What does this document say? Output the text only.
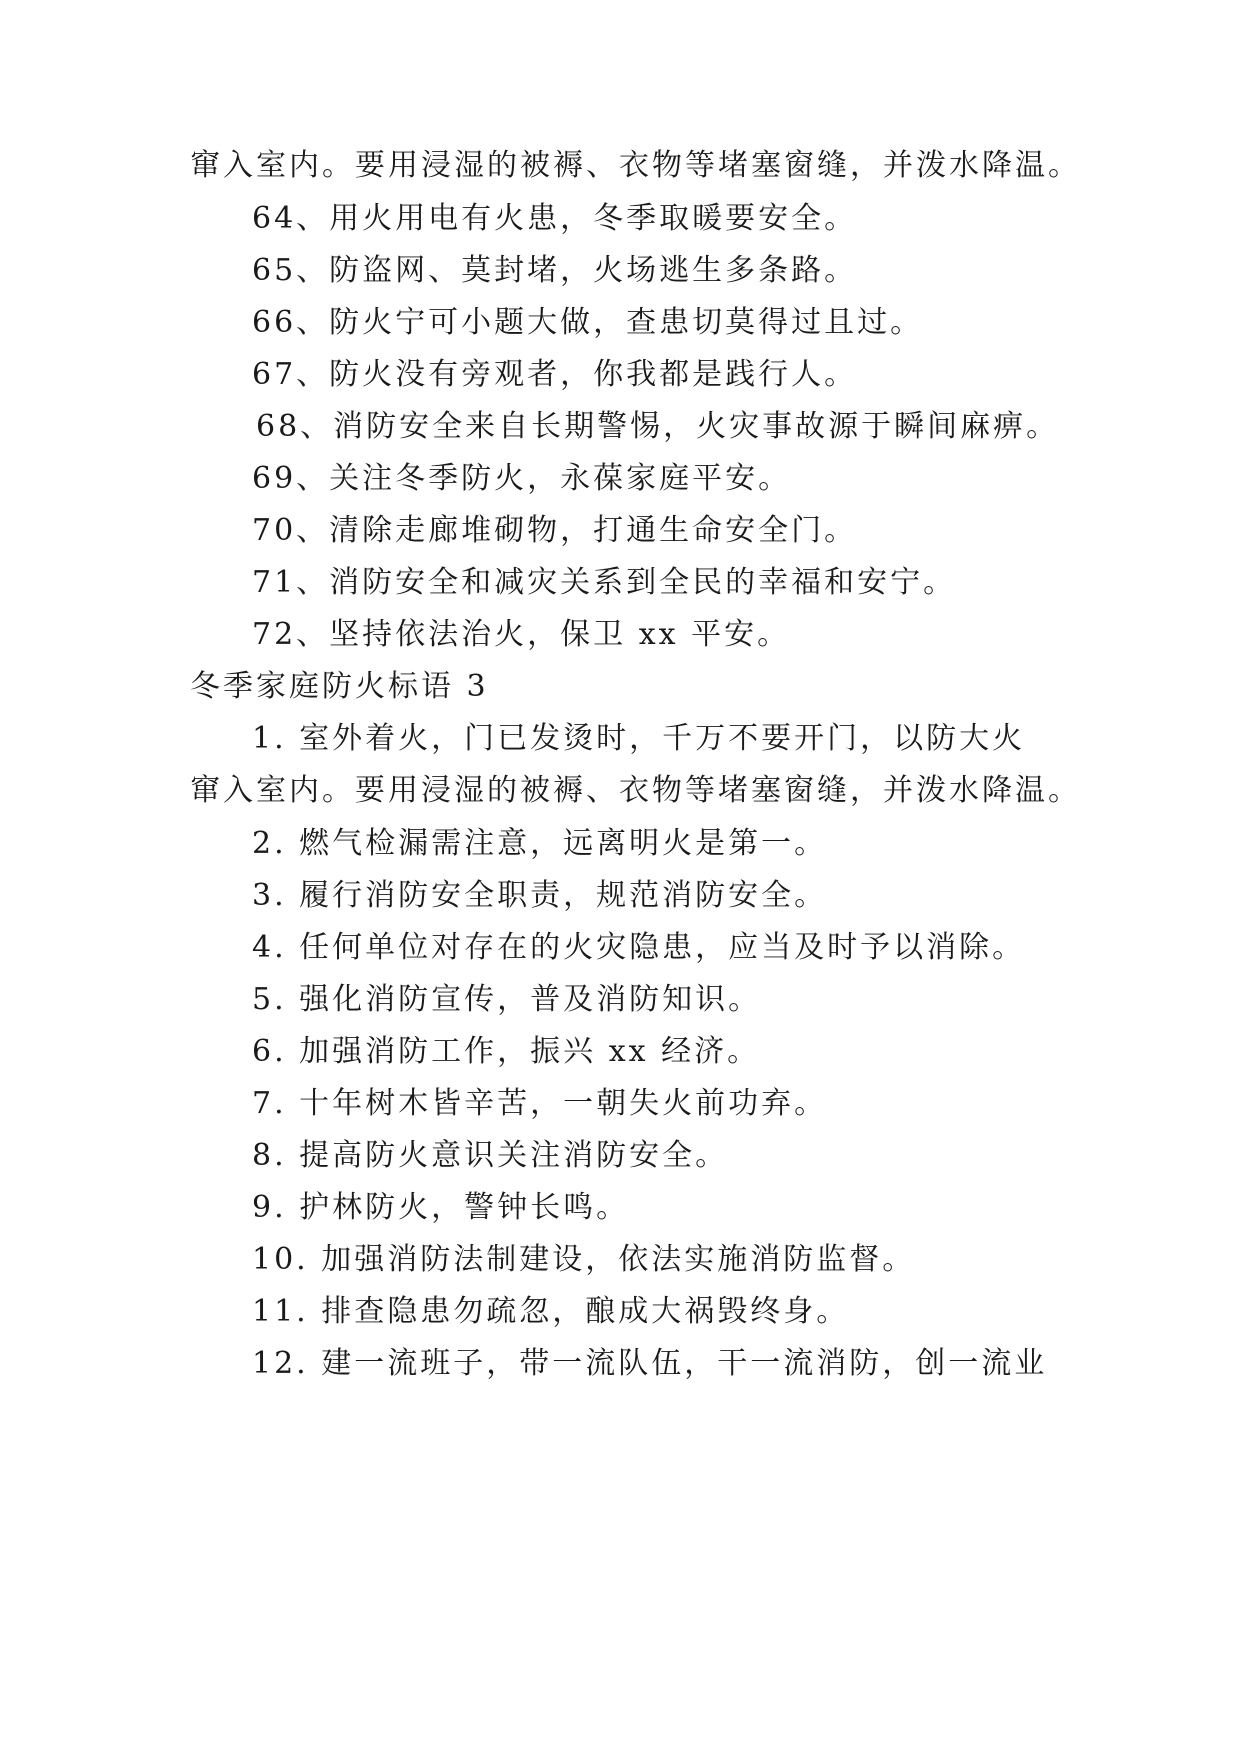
窜入室内。要用浸湿的被褥、衣物等堵塞窗缝，并泼水降温。
64、用火用电有火患，冬季取暖要安全。
65、防盗网、莫封堵，火场逃生多条路。
66、防火宁可小题大做，查患切莫得过且过。
67、防火没有旁观者，你我都是践行人。
68、消防安全来自长期警惕，火灾事故源于瞬间麻痹。
69、关注冬季防火，永葆家庭平安。
70、清除走廊堆砌物，打通生命安全门。
71、消防安全和减灾关系到全民的幸福和安宁。
72、坚持依法治火，保卫 xx 平安。
冬季家庭防火标语 3
1. 室外着火，门已发烫时，千万不要开门，以防大火
窜入室内。要用浸湿的被褥、衣物等堵塞窗缝，并泼水降温。
2. 燃气检漏需注意，远离明火是第一。
3. 履行消防安全职责，规范消防安全。
4. 任何单位对存在的火灾隐患，应当及时予以消除。
5. 强化消防宣传，普及消防知识。
6. 加强消防工作，振兴 xx 经济。
7. 十年树木皆辛苦，一朝失火前功弃。
8. 提高防火意识关注消防安全。
9. 护林防火，警钟长鸣。
10. 加强消防法制建设，依法实施消防监督。
11. 排查隐患勿疏忽，酿成大祸毁终身。
12. 建一流班子，带一流队伍，干一流消防，创一流业
